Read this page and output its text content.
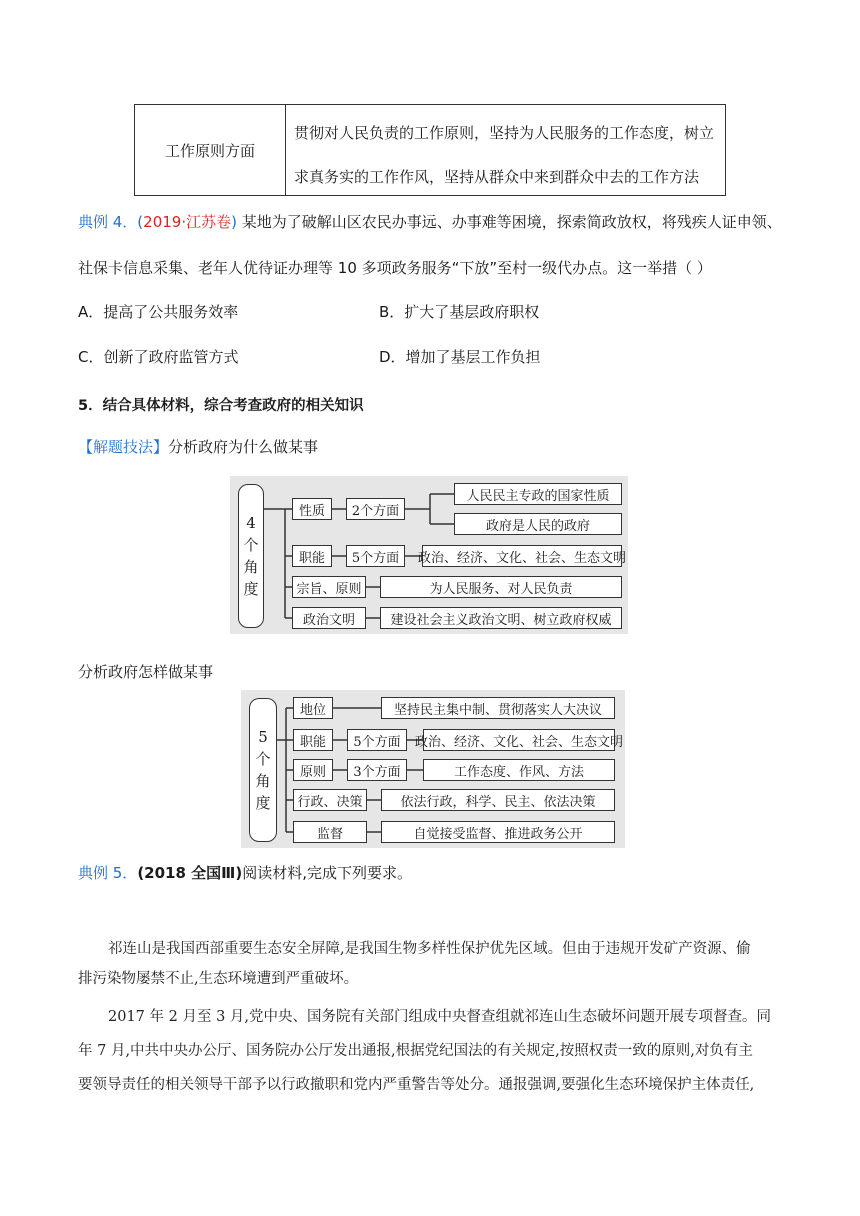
工作原则方面
贯彻对人民负责的工作原则，坚持为人民服务的工作态度，树立
求真务实的工作作风，坚持从群众中来到群众中去的工作方法
典例 4．(2019·江苏卷) 某地为了破解山区农民办事远、办事难等困境，探索简政放权，将残疾人证申领、
社保卡信息采集、老年人优待证办理等 10 多项政务服务“下放”至村一级代办点。这一举措（ ）
A．提高了公共服务效率	B．扩大了基层政府职权
C．创新了政府监管方式	D．增加了基层工作负担
5．结合具体材料，综合考查政府的相关知识
【解题技法】分析政府为什么做某事
4
个
角
度
性质	2个方面
人民民主专政的国家性质
政府是人民的政府
职能	5个方面	政治、经济、文化、社会、生态文明
宗旨、原则	为人民服务、对人民负责
政治文明	建设社会主义政治文明、树立政府权威
分析政府怎样做某事
5
个
角
度
地位	坚持民主集中制、贯彻落实人大决议
职能	5个方面	政治、经济、文化、社会、生态文明
原则	3个方面	工作态度、作风、方法
行政、决策	依法行政，科学、民主、依法决策
监督	自觉接受监督、推进政务公开
典例 5．(2018 全国Ⅲ)阅读材料,完成下列要求。
祁连山是我国西部重要生态安全屏障,是我国生物多样性保护优先区域。但由于违规开发矿产资源、偷
排污染物屡禁不止,生态环境遭到严重破坏。
2017 年 2 月至 3 月,党中央、国务院有关部门组成中央督查组就祁连山生态破坏问题开展专项督查。同
年 7 月,中共中央办公厅、国务院办公厅发出通报,根据党纪国法的有关规定,按照权责一致的原则,对负有主
要领导责任的相关领导干部予以行政撤职和党内严重警告等处分。通报强调,要强化生态环境保护主体责任,
